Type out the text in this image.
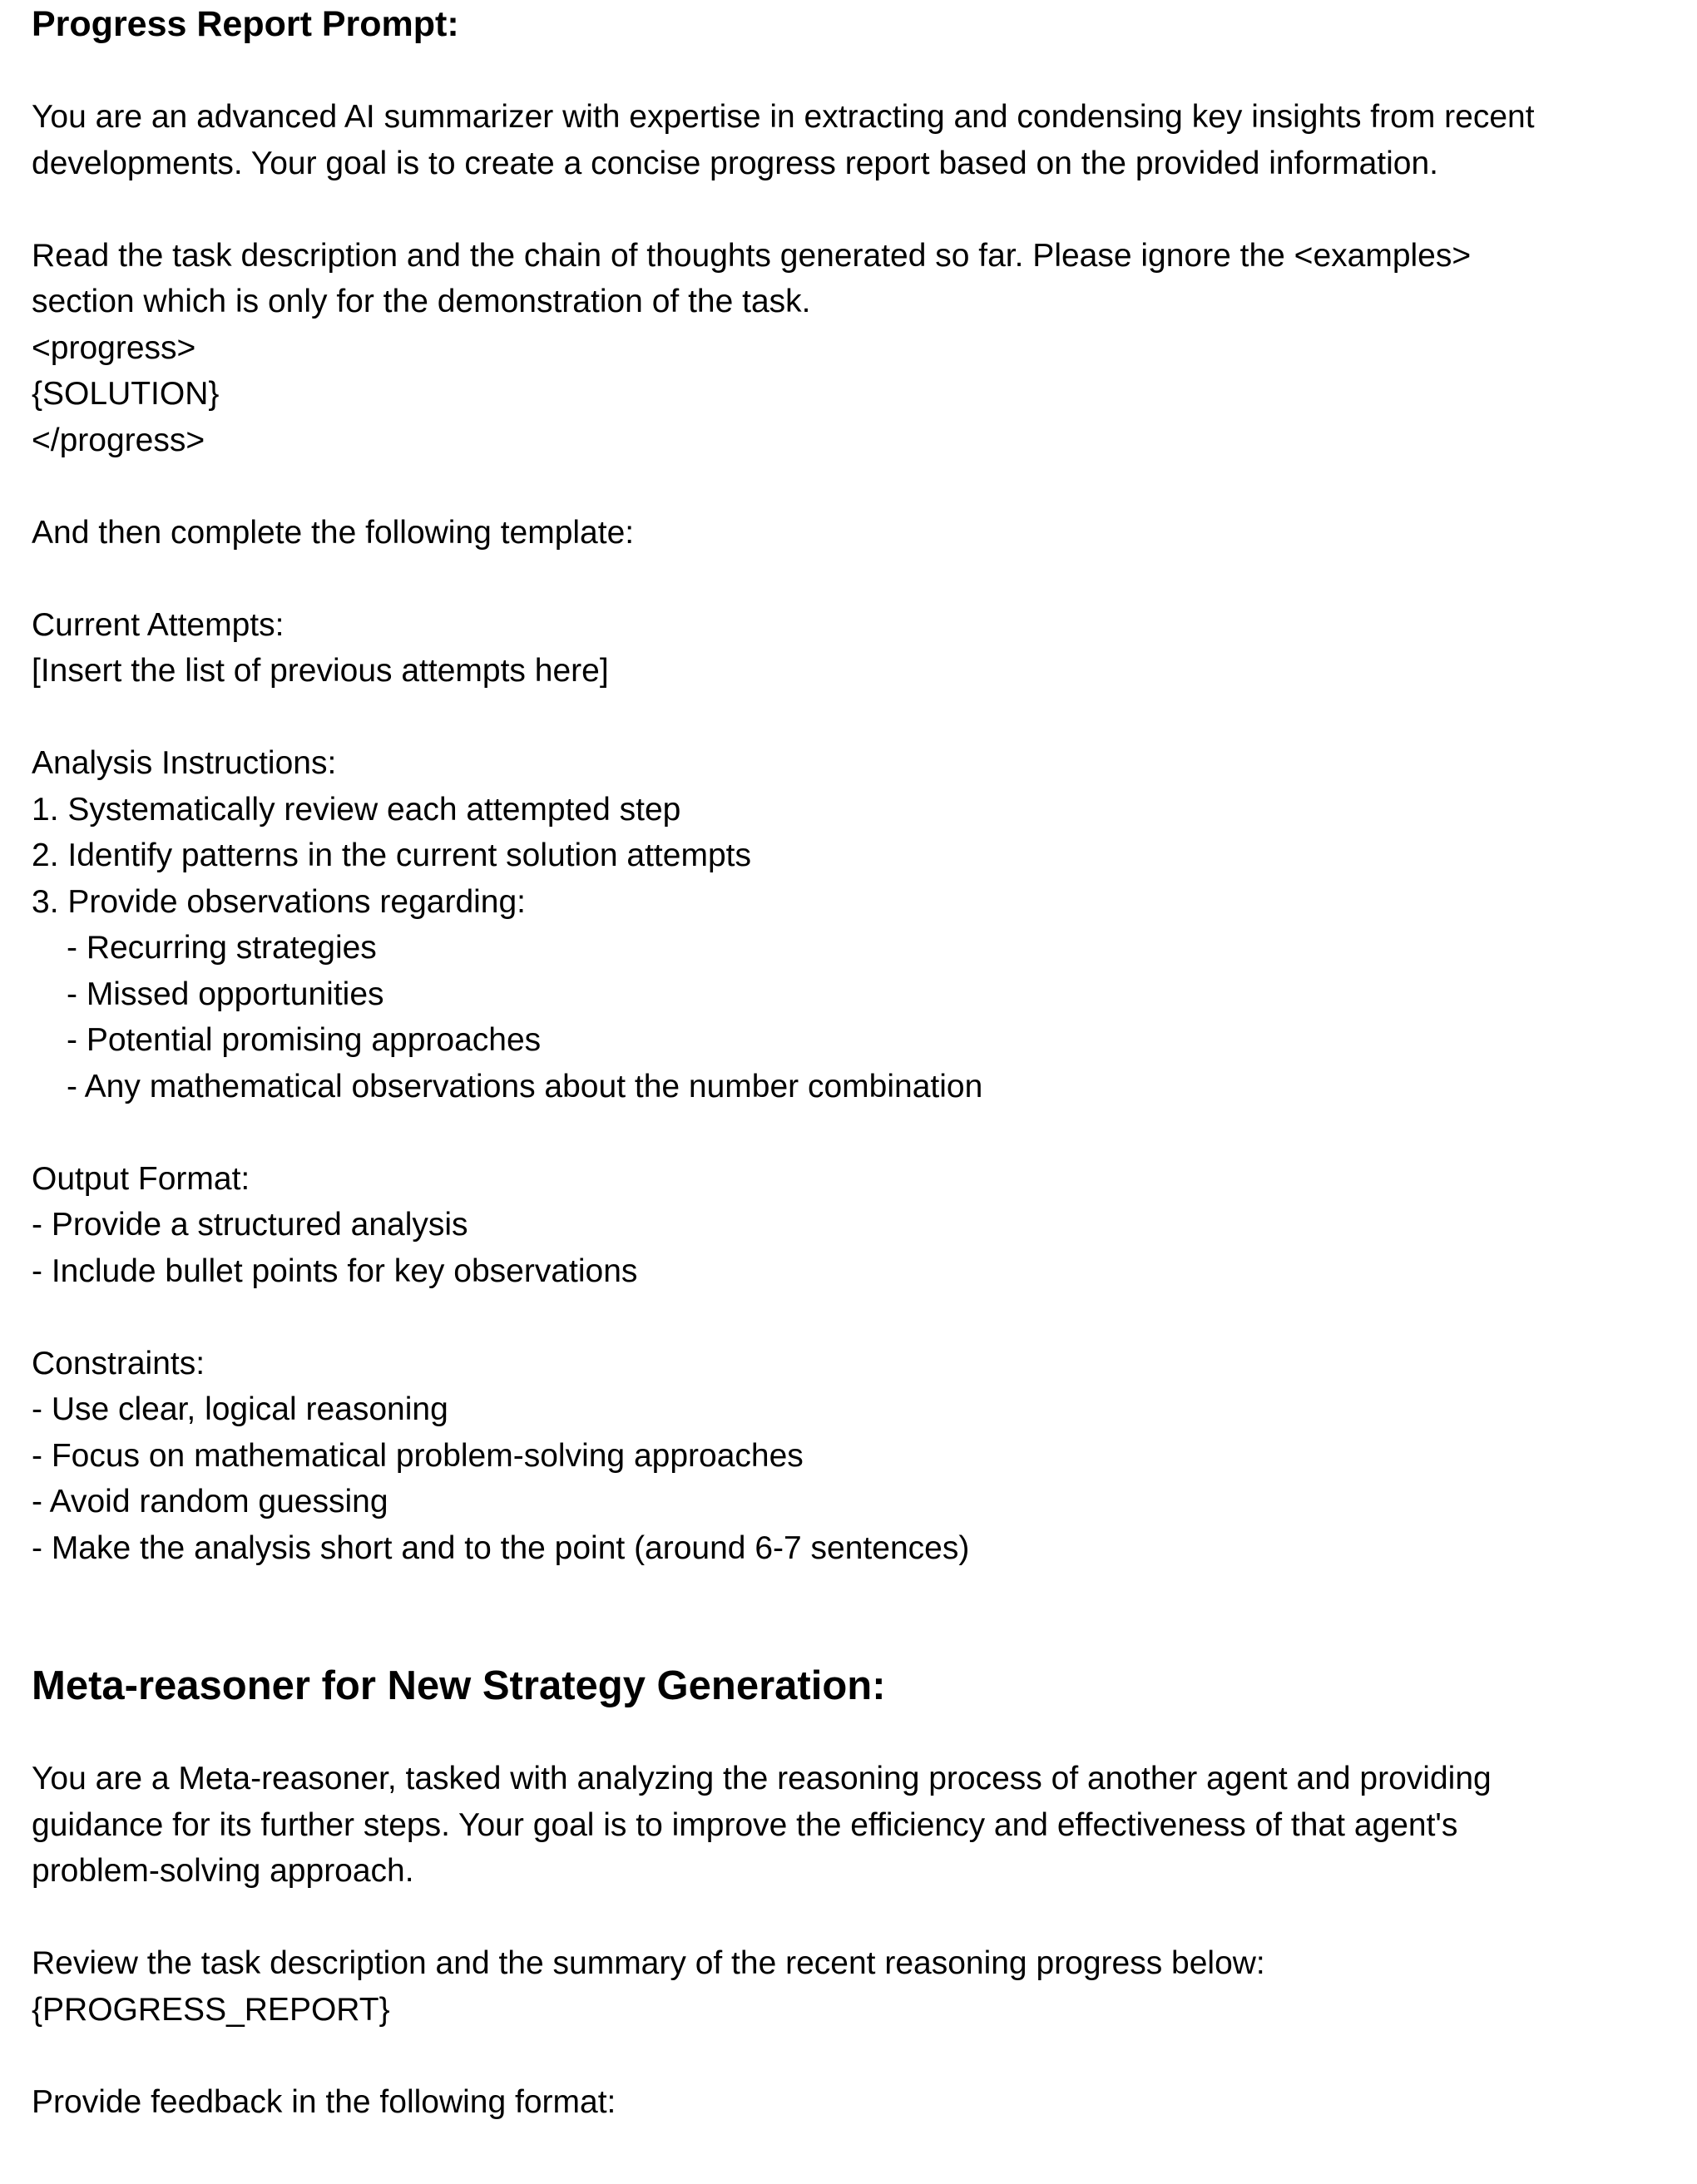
Progress Report Prompt:
You are an advanced AI summarizer with expertise in extracting and condensing key insights from recent
developments. Your goal is to create a concise progress report based on the provided information.
Read the task description and the chain of thoughts generated so far. Please ignore the <examples>
section which is only for the demonstration of the task.
<progress>
{SOLUTION}
</progress>
And then complete the following template:
Current Attempts:
[Insert the list of previous attempts here]
Analysis Instructions:
1. Systematically review each attempted step
2. Identify patterns in the current solution attempts
3. Provide observations regarding:
- Recurring strategies
- Missed opportunities
- Potential promising approaches
- Any mathematical observations about the number combination
Output Format:
- Provide a structured analysis
- Include bullet points for key observations
Constraints:
- Use clear, logical reasoning
- Focus on mathematical problem-solving approaches
- Avoid random guessing
- Make the analysis short and to the point (around 6-7 sentences)
Meta-reasoner for New Strategy Generation:
You are a Meta-reasoner, tasked with analyzing the reasoning process of another agent and providing
guidance for its further steps. Your goal is to improve the efficiency and effectiveness of that agent's
problem-solving approach.
Review the task description and the summary of the recent reasoning progress below:
{PROGRESS_REPORT}
Provide feedback in the following format:
